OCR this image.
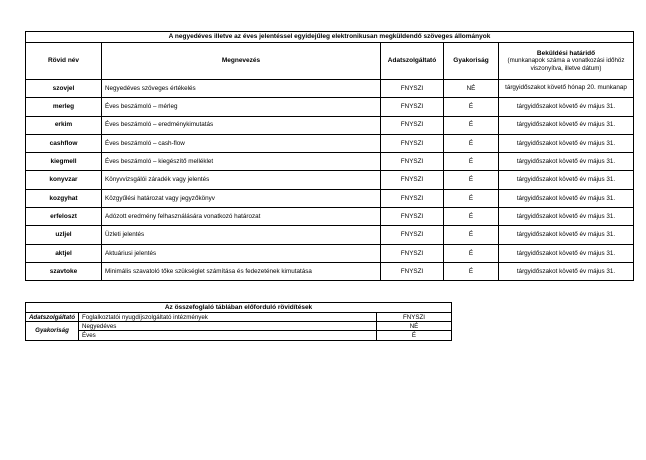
A negyedéves illetve az éves jelentéssel egyidejűleg elektronikusan megküldendő szöveges állományok				
Rövid név	Megnevezés	Adatszolgáltató	Gyakoriság	Beküldési határidő
(munkanapok száma a vonatkozási időhöz viszonyítva, illetve dátum)

szovjel	Negyedéves szöveges értékelés	FNYSZI	NÉ	tárgyidőszakot követő hónap 20. munkanap
merleg	Éves beszámoló – mérleg	FNYSZI	É	tárgyidőszakot követő év május 31.
erkim	Éves beszámoló – eredménykimutatás	FNYSZI	É	tárgyidőszakot követő év május 31.
cashflow	Éves beszámoló – cash-flow	FNYSZI	É	tárgyidőszakot követő év május 31.
kiegmell	Éves beszámoló – kiegészítő melléklet	FNYSZI	É	tárgyidőszakot követő év május 31.
konyvzar	Könyvvizsgálói záradék vagy jelentés	FNYSZI	É	tárgyidőszakot követő év május 31.
kozgyhat	Közgyűlési határozat vagy jegyzőkönyv	FNYSZI	É	tárgyidőszakot követő év május 31.
erfeloszt	Adózott eredmény felhasználására vonatkozó határozat	FNYSZI	É	tárgyidőszakot követő év május 31.
uzljel	Üzleti jelentés	FNYSZI	É	tárgyidőszakot követő év május 31.
aktjel	Aktuáriusi jelentés	FNYSZI	É	tárgyidőszakot követő év május 31.
szavtoke	Minimális szavatoló tőke szükséglet számítása és fedezetének kimutatása	FNYSZI	É	tárgyidőszakot követő év május 31.
Az összefoglaló táblában előforduló rövidítések		
Adatszolgáltató	Foglalkoztatói nyugdíjszolgáltató intézmények	FNYSZI
Gyakoriság	Negyedéves	NÉ
	Éves	É
